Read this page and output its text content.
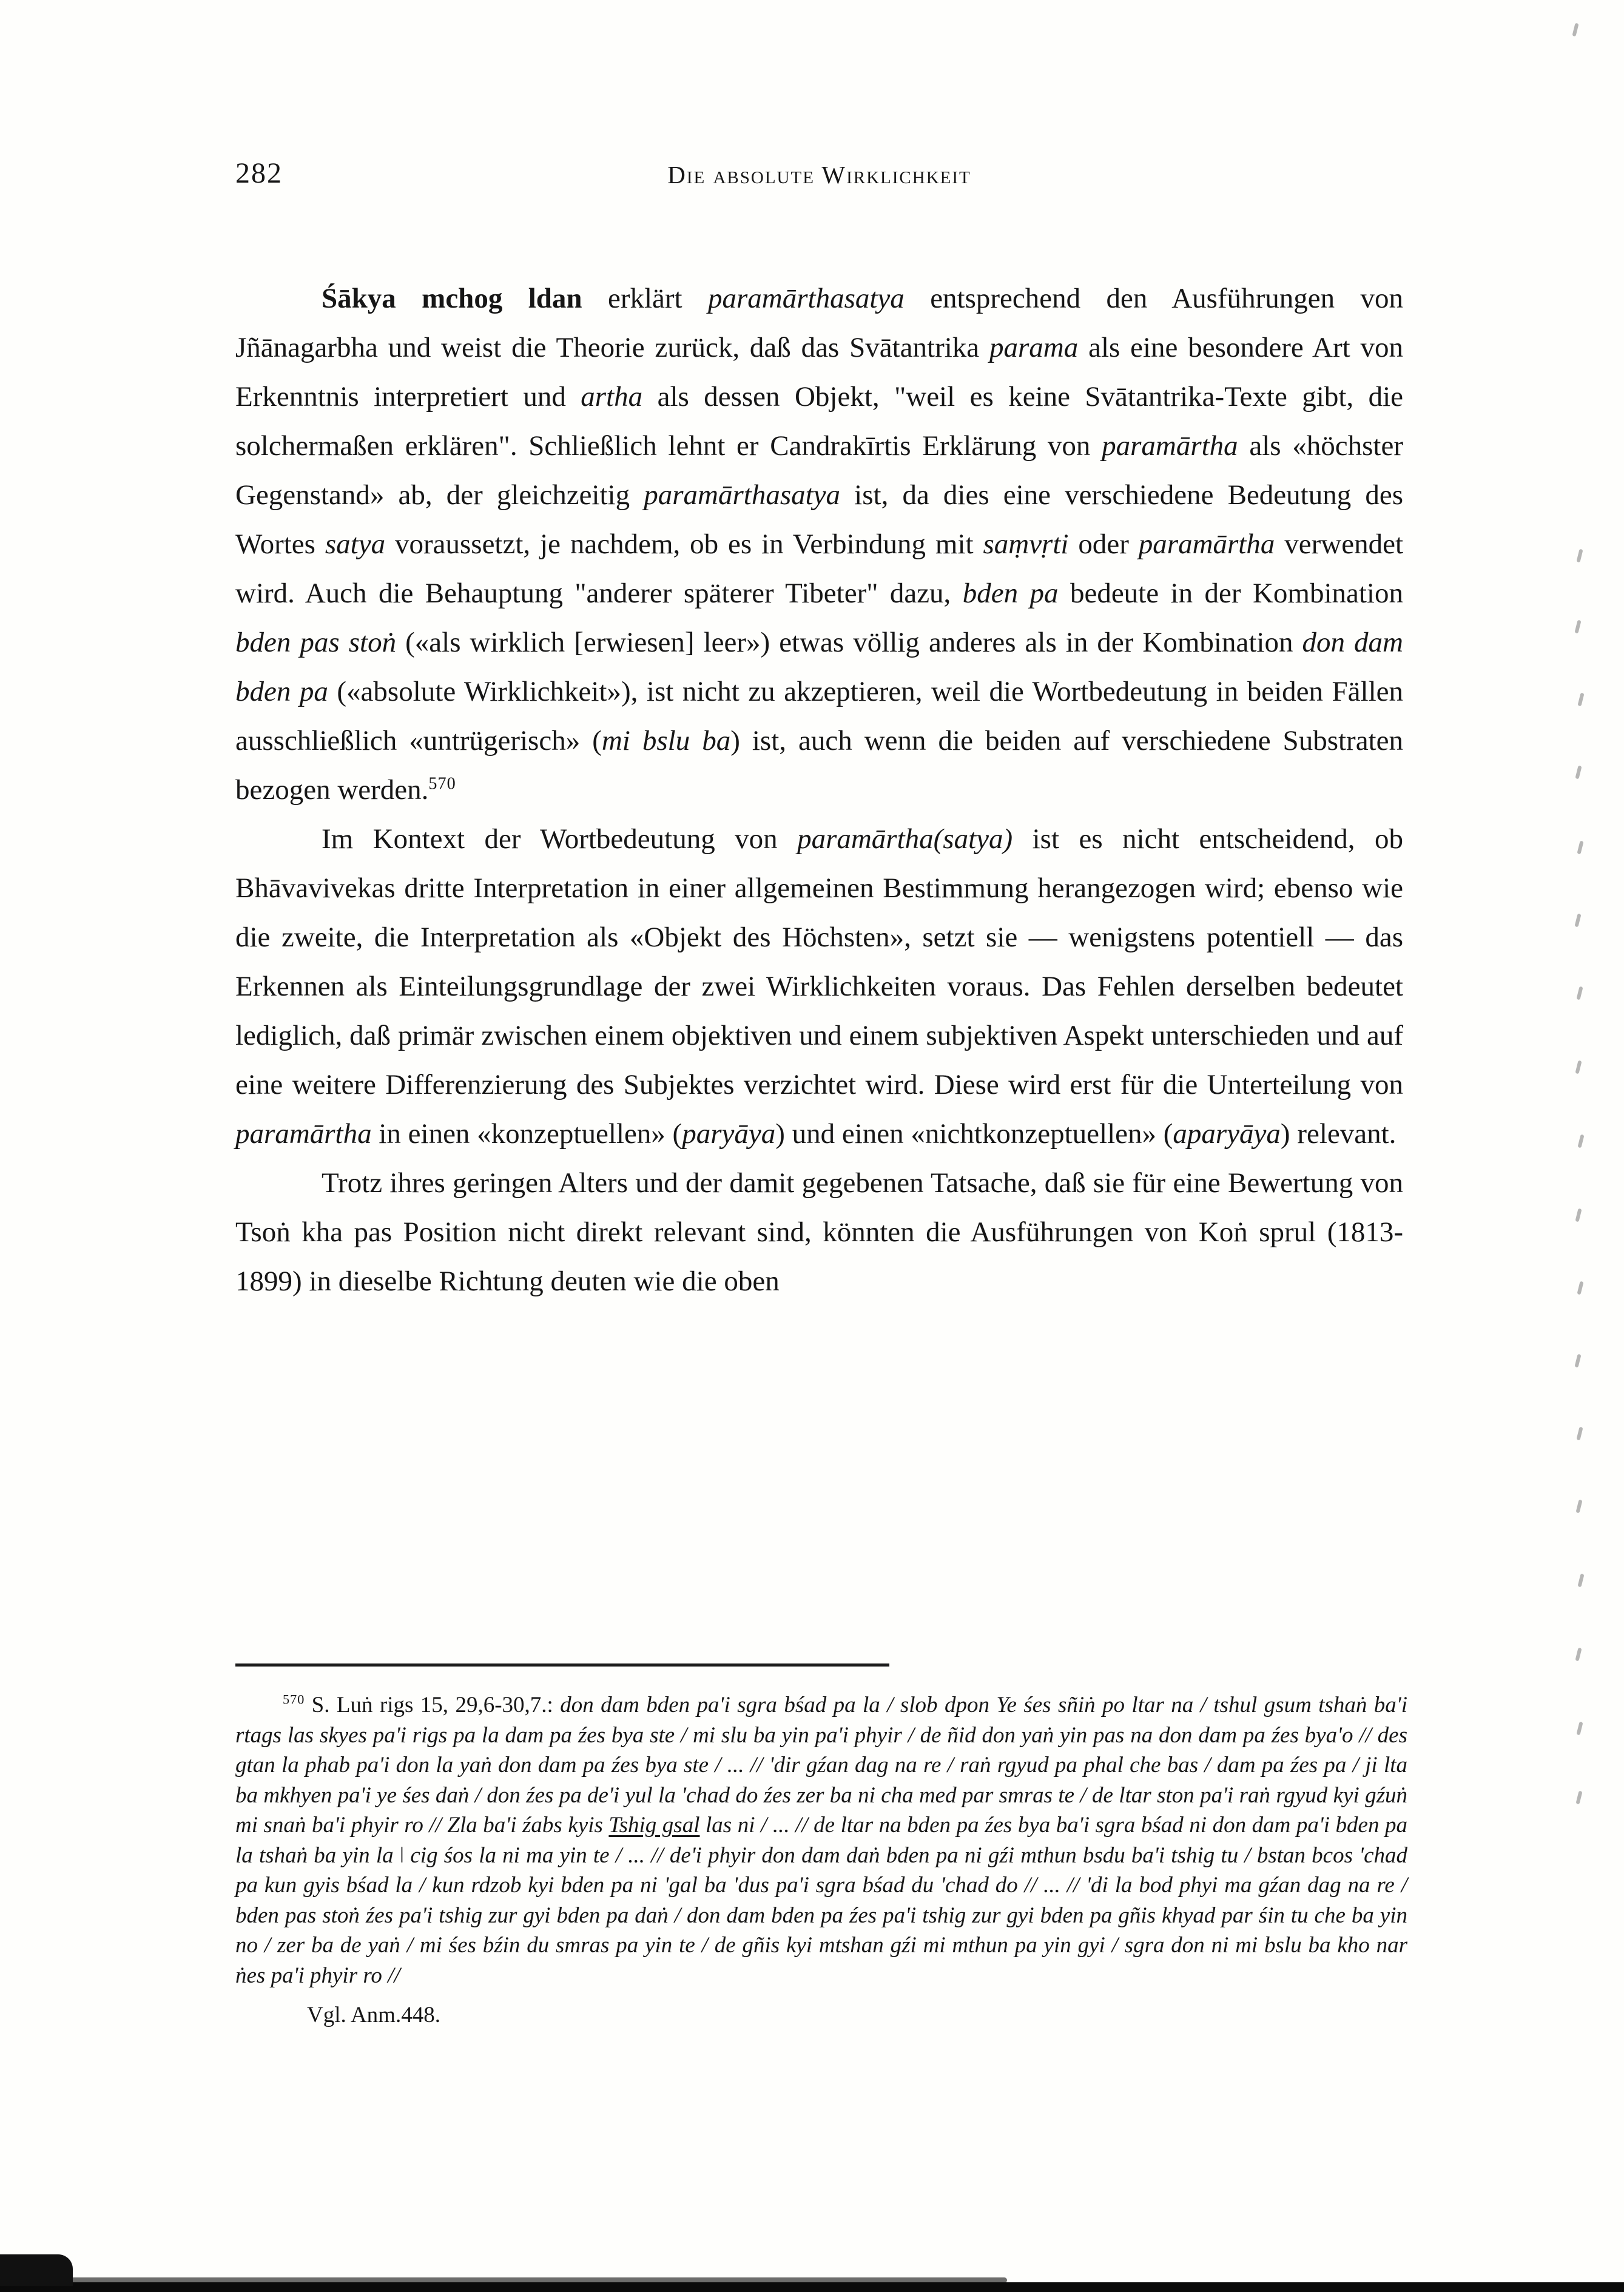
282	Die absolute Wirklichkeit

Śākya mchog ldan erklärt paramārthasatya entsprechend den Ausführungen von Jñānagarbha und weist die Theorie zurück, daß das Svātantrika parama als eine besondere Art von Erkenntnis interpretiert und artha als dessen Objekt, "weil es keine Svātantrika-Texte gibt, die solchermaßen erklären". Schließlich lehnt er Candrakīrtis Erklärung von paramārtha als «höchster Gegenstand» ab, der gleichzeitig paramārthasatya ist, da dies eine verschiedene Bedeutung des Wortes satya voraussetzt, je nachdem, ob es in Verbindung mit saṃvṛti oder paramārtha verwendet wird. Auch die Behauptung "anderer späterer Tibeter" dazu, bden pa bedeute in der Kombination bden pas stoṅ («als wirklich [erwiesen] leer») etwas völlig anderes als in der Kombination don dam bden pa («absolute Wirklichkeit»), ist nicht zu akzeptieren, weil die Wortbedeutung in beiden Fällen ausschließlich «untrügerisch» (mi bslu ba) ist, auch wenn die beiden auf verschiedene Substraten bezogen werden.$^{570}$

Im Kontext der Wortbedeutung von paramārtha(satya) ist es nicht entscheidend, ob Bhāvavivekas dritte Interpretation in einer allgemeinen Bestimmung herangezogen wird; ebenso wie die zweite, die Interpretation als «Objekt des Höchsten», setzt sie — wenigstens potentiell — das Erkennen als Einteilungsgrundlage der zwei Wirklichkeiten voraus. Das Fehlen derselben bedeutet lediglich, daß primär zwischen einem objektiven und einem subjektiven Aspekt unterschieden und auf eine weitere Differenzierung des Subjektes verzichtet wird. Diese wird erst für die Unterteilung von paramārtha in einen «konzeptuellen» (paryāya) und einen «nichtkonzeptuellen» (aparyāya) relevant.

Trotz ihres geringen Alters und der damit gegebenen Tatsache, daß sie für eine Bewertung von Tsoṅ kha pas Position nicht direkt relevant sind, könnten die Ausführungen von Koṅ sprul (1813-1899) in dieselbe Richtung deuten wie die oben

$^{570}$ S. Luṅ rigs 15, 29,6-30,7.: don dam bden pa'i sgra bśad pa la / slob dpon Ye śes sñiṅ po ltar na / tshul gsum tshaṅ ba'i rtags las skyes pa'i rigs pa la dam pa źes bya ste / mi slu ba yin pa'i phyir / de ñid don yaṅ yin pas na don dam pa źes bya'o // des gtan la phab pa'i don la yaṅ don dam pa źes bya ste / ... // 'dir gźan dag na re / raṅ rgyud pa phal che bas / dam pa źes pa / ji lta ba mkhyen pa'i ye śes daṅ / don źes pa de'i yul la 'chad do źes zer ba ni cha med par smras te / de ltar ston pa'i raṅ rgyud kyi gźuṅ mi snaṅ ba'i phyir ro // Zla ba'i źabs kyis Tshig gsal las ni / ... // de ltar na bden pa źes bya ba'i sgra bśad ni don dam pa'i bden pa la tshaṅ ba yin la ǀ cig śos la ni ma yin te / ... // de'i phyir don dam daṅ bden pa ni gźi mthun bsdu ba'i tshig tu / bstan bcos 'chad pa kun gyis bśad la / kun rdzob kyi bden pa ni 'gal ba 'dus pa'i sgra bśad du 'chad do // ... // 'di la bod phyi ma gźan dag na re / bden pas stoṅ źes pa'i tshig zur gyi bden pa daṅ / don dam bden pa źes pa'i tshig zur gyi bden pa gñis khyad par śin tu che ba yin no / zer ba de yaṅ / mi śes bźin du smras pa yin te / de gñis kyi mtshan gźi mi mthun pa yin gyi / sgra don ni mi bslu ba kho nar ṅes pa'i phyir ro //

Vgl. Anm.448.
